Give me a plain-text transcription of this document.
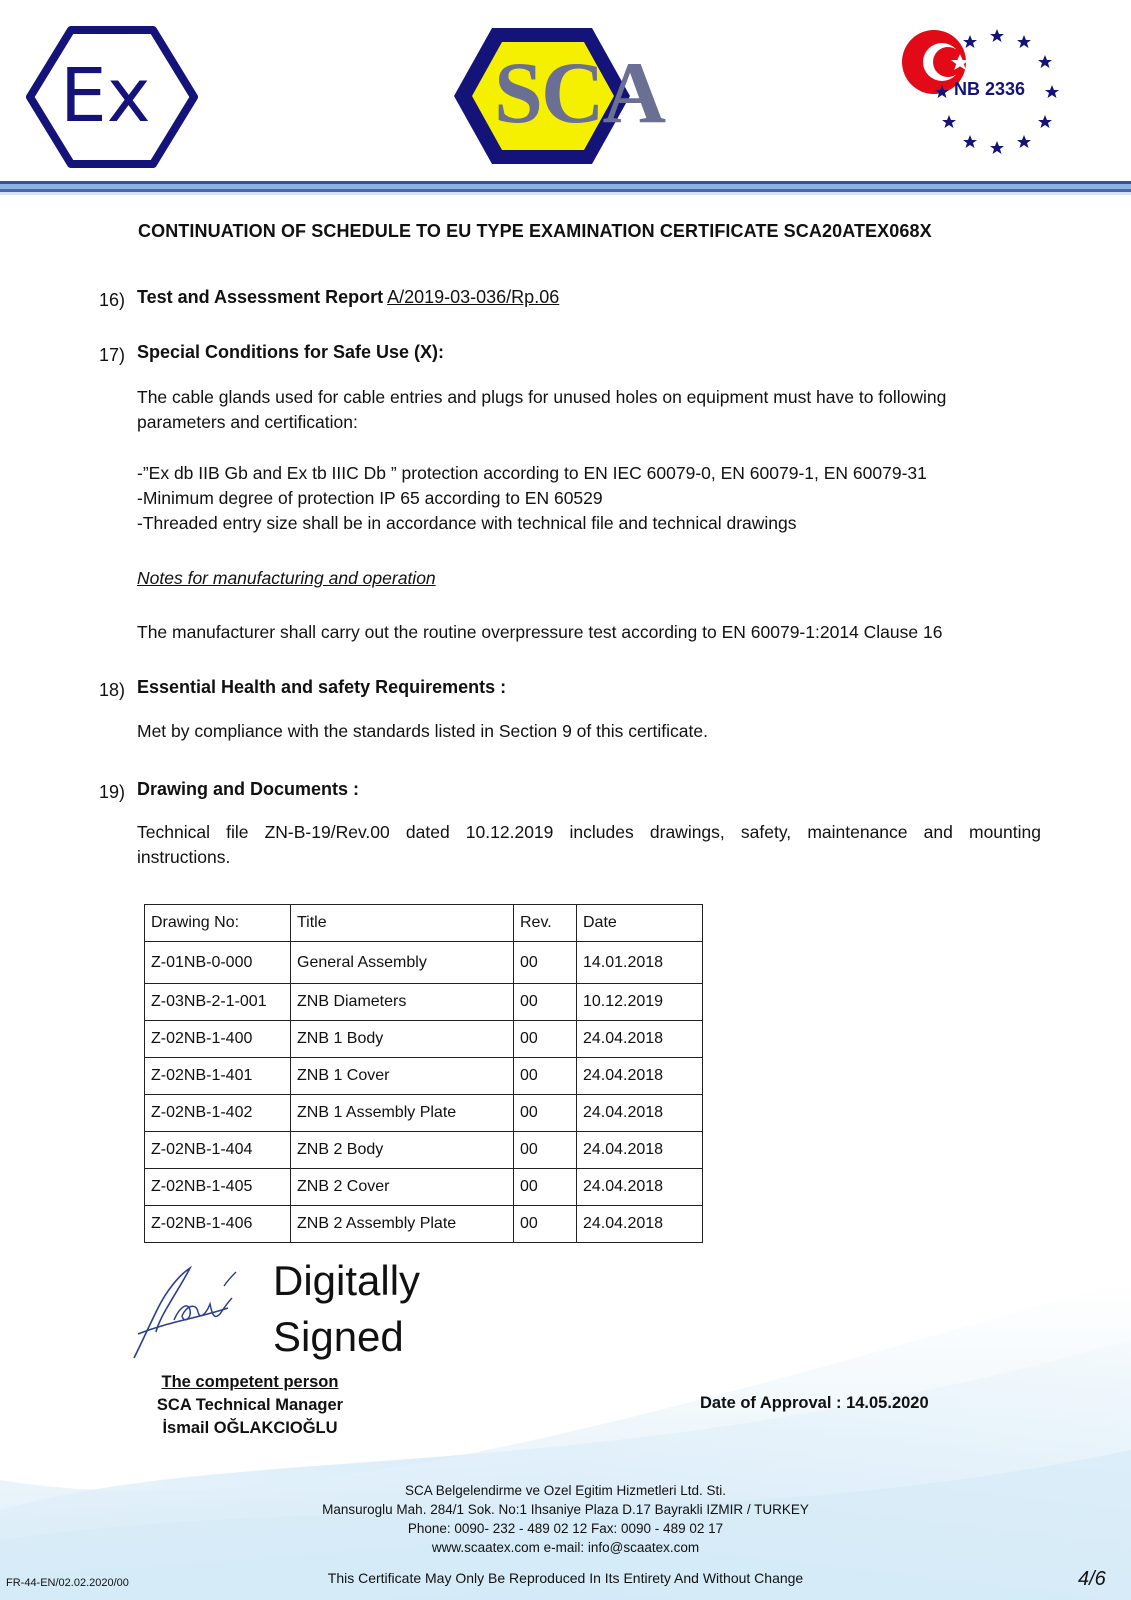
Ex	SCA	NB 2336
CONTINUATION OF SCHEDULE TO EU TYPE EXAMINATION CERTIFICATE SCA20ATEX068X
16) Test and Assessment Report A/2019-03-036/Rp.06
17) Special Conditions for Safe Use (X):
The cable glands used for cable entries and plugs for unused holes on equipment must have to following
parameters and certification:
-”Ex db IIB Gb and Ex tb IIIC Db ” protection according to EN IEC 60079-0, EN 60079-1, EN 60079-31
-Minimum degree of protection IP 65 according to EN 60529
-Threaded entry size shall be in accordance with technical file and technical drawings
Notes for manufacturing and operation
The manufacturer shall carry out the routine overpressure test according to EN 60079-1:2014 Clause 16
18) Essential Health and safety Requirements :
Met by compliance with the standards listed in Section 9 of this certificate.
19) Drawing and Documents :
Technical file ZN-B-19/Rev.00 dated 10.12.2019 includes drawings, safety, maintenance and mounting
instructions.
Drawing No:	Title	Rev.	Date
Z-01NB-0-000	General Assembly	00	14.01.2018
Z-03NB-2-1-001	ZNB Diameters	00	10.12.2019
Z-02NB-1-400	ZNB 1 Body	00	24.04.2018
Z-02NB-1-401	ZNB 1 Cover	00	24.04.2018
Z-02NB-1-402	ZNB 1 Assembly Plate	00	24.04.2018
Z-02NB-1-404	ZNB 2 Body	00	24.04.2018
Z-02NB-1-405	ZNB 2 Cover	00	24.04.2018
Z-02NB-1-406	ZNB 2 Assembly Plate	00	24.04.2018
Digitally
Signed
The competent person
SCA Technical Manager
İsmail OĞLAKCIOĞLU
Date of Approval : 14.05.2020
SCA Belgelendirme ve Ozel Egitim Hizmetleri Ltd. Sti.
Mansuroglu Mah. 284/1 Sok. No:1 Ihsaniye Plaza D.17 Bayrakli IZMIR / TURKEY
Phone: 0090- 232 - 489 02 12 Fax: 0090 - 489 02 17
www.scaatex.com e-mail: info@scaatex.com
FR-44-EN/02.02.2020/00	This Certificate May Only Be Reproduced In Its Entirety And Without Change	4/6
